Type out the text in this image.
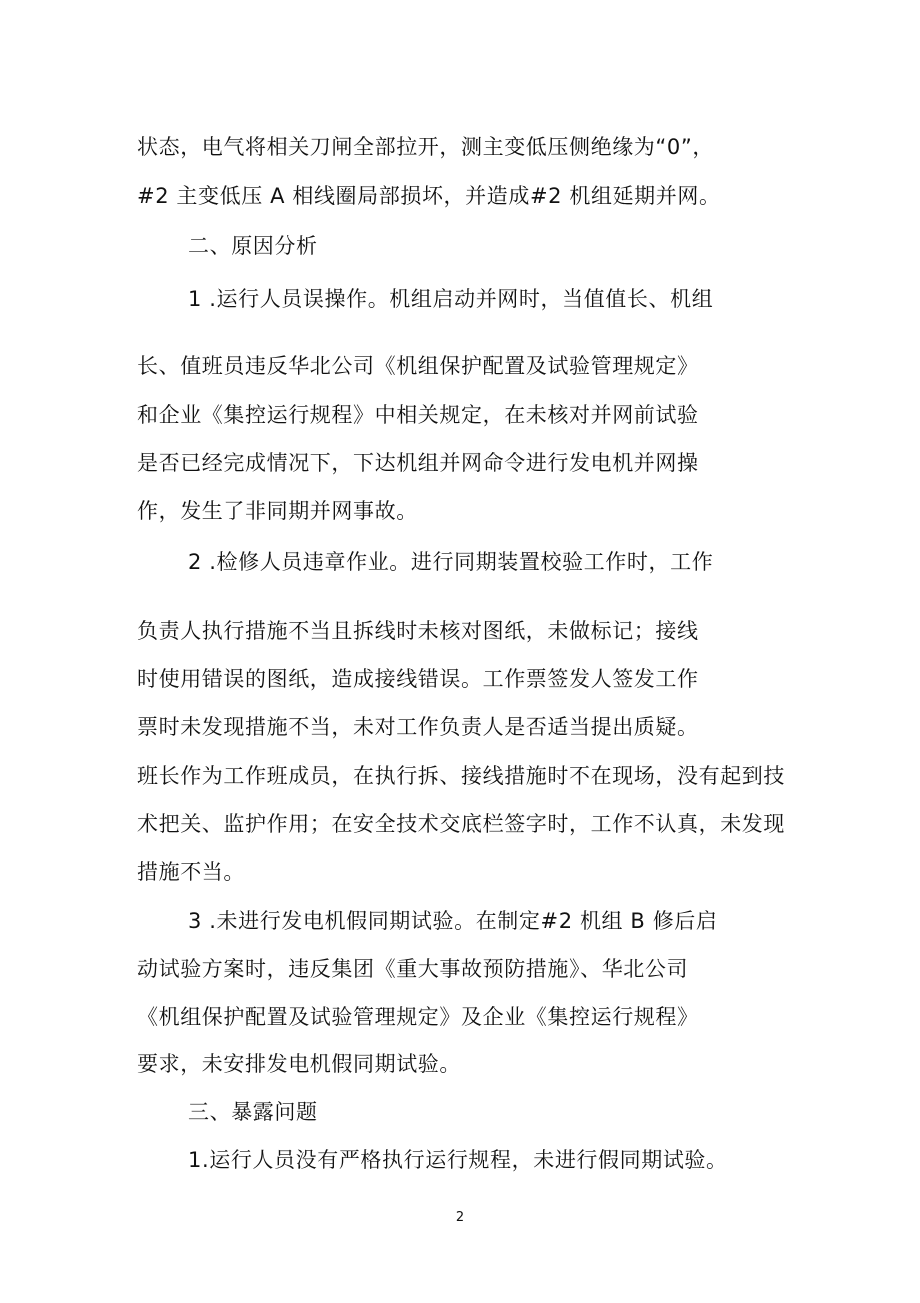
状态，电气将相关刀闸全部拉开，测主变低压侧绝缘为“0”，
#2 主变低压 A 相线圈局部损坏，并造成#2 机组延期并网。
二、原因分析
1 .运行人员误操作。机组启动并网时，当值值长、机组
长、值班员违反华北公司《机组保护配置及试验管理规定》
和企业《集控运行规程》中相关规定，在未核对并网前试验
是否已经完成情况下，下达机组并网命令进行发电机并网操
作，发生了非同期并网事故。
2 .检修人员违章作业。进行同期装置校验工作时，工作
负责人执行措施不当且拆线时未核对图纸，未做标记；接线
时使用错误的图纸，造成接线错误。工作票签发人签发工作
票时未发现措施不当，未对工作负责人是否适当提出质疑。
班长作为工作班成员，在执行拆、接线措施时不在现场，没有起到技
术把关、监护作用；在安全技术交底栏签字时，工作不认真，未发现
措施不当。
3 .未进行发电机假同期试验。在制定#2 机组 B 修后启
动试验方案时，违反集团《重大事故预防措施》、华北公司
《机组保护配置及试验管理规定》及企业《集控运行规程》
要求，未安排发电机假同期试验。
三、暴露问题
1.运行人员没有严格执行运行规程，未进行假同期试验。
2
